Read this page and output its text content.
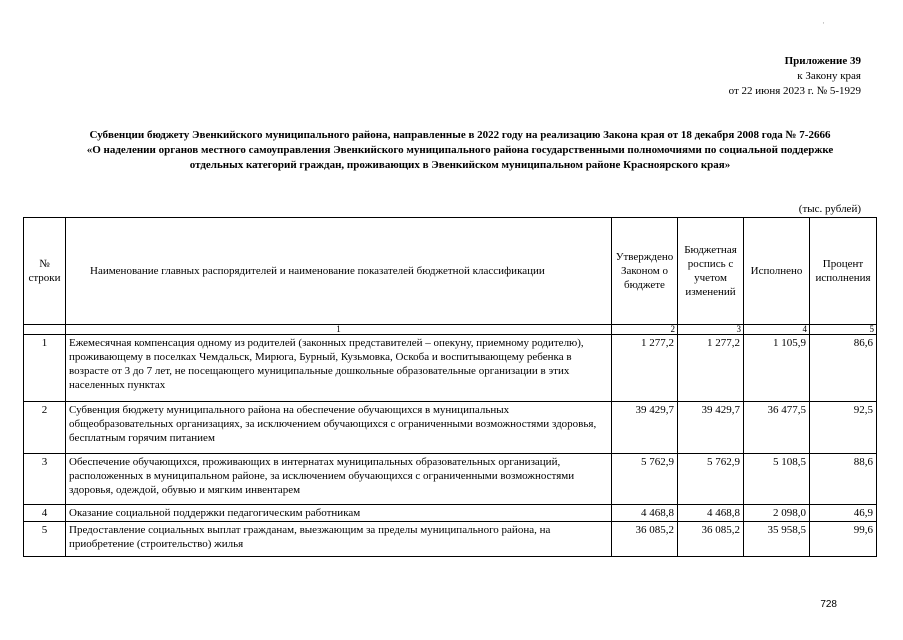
·
Приложение 39
к Закону края
от 22 июня 2023 г. № 5-1929
Субвенции бюджету Эвенкийского муниципального района, направленные в 2022 году на реализацию Закона края от 18 декабря 2008 года № 7-2666
«О наделении органов местного самоуправления Эвенкийского муниципального района государственными полномочиями по социальной поддержке
отдельных категорий граждан, проживающих в Эвенкийском муниципальном районе Красноярского края»
(тыс. рублей)
№ строки	Наименование главных распорядителей и наименование показателей бюджетной классификации	Утверждено Законом о бюджете	Бюджетная роспись с учетом изменений	Исполнено	Процент исполнения
	1	2	3	4	5
1	Ежемесячная компенсация одному из родителей (законных представителей – опекуну, приемному родителю), проживающему в поселках Чемдальск, Мирюга, Бурный, Кузьмовка, Оскоба и воспитывающему ребенка в возрасте от 3 до 7 лет, не посещающего муниципальные дошкольные образовательные организации в этих населенных пунктах	1 277,2	1 277,2	1 105,9	86,6
2	Субвенция бюджету муниципального района на обеспечение обучающихся в муниципальных общеобразовательных организациях, за исключением обучающихся с ограниченными возможностями здоровья, бесплатным горячим питанием	39 429,7	39 429,7	36 477,5	92,5
3	Обеспечение обучающихся, проживающих в интернатах муниципальных образовательных организаций, расположенных в муниципальном районе, за исключением обучающихся с ограниченными возможностями здоровья, одеждой, обувью и мягким инвентарем	5 762,9	5 762,9	5 108,5	88,6
4	Оказание социальной поддержки педагогическим работникам	4 468,8	4 468,8	2 098,0	46,9
5	Предоставление социальных выплат гражданам, выезжающим за пределы муниципального района, на приобретение (строительство) жилья	36 085,2	36 085,2	35 958,5	99,6
728
